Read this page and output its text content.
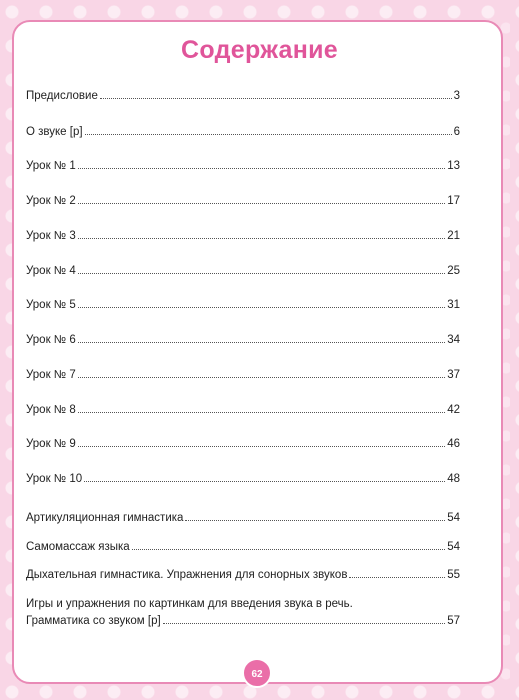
Содержание
Предисловие	3
О звуке [р]	6
Урок № 1	13
Урок № 2	17
Урок № 3	21
Урок № 4	25
Урок № 5	31
Урок № 6	34
Урок № 7	37
Урок № 8	42
Урок № 9	46
Урок № 10	48
Артикуляционная гимнастика	54
Самомассаж языка	54
Дыхательная гимнастика. Упражнения для сонорных звуков	55
Игры и упражнения по картинкам для введения звука в речь.
Грамматика со звуком [р]	57
62
